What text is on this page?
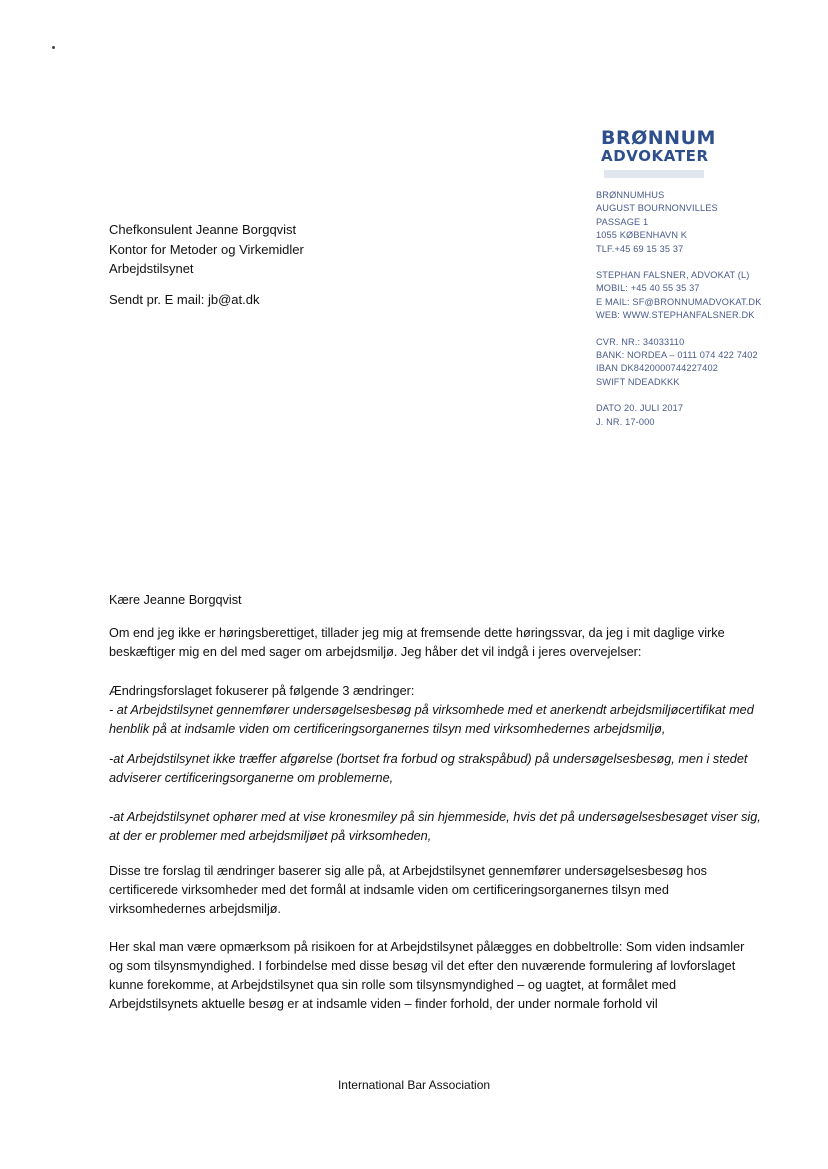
BRØNNUM
ADVOKATER
BRØNNUMHUS
AUGUST BOURNONVILLES
PASSAGE 1
1055 KØBENHAVN K
TLF.+45 69 15 35 37
STEPHAN FALSNER, ADVOKAT (L)
MOBIL: +45 40 55 35 37
E MAIL: SF@BRONNUMADVOKAT.DK
WEB: WWW.STEPHANFALSNER.DK
CVR. NR.: 34033110
BANK: NORDEA – 0111 074 422 7402
IBAN DK8420000744227402
SWIFT NDEADKKK
DATO 20. JULI 2017
J. NR. 17-000
Chefkonsulent Jeanne Borgqvist
Kontor for Metoder og Virkemidler
Arbejdstilsynet
Sendt pr. E mail: jb@at.dk
Kære Jeanne Borgqvist

Om end jeg ikke er høringsberettiget, tillader jeg mig at fremsende dette høringssvar, da jeg i mit daglige virke beskæftiger mig en del med sager om arbejdsmiljø. Jeg håber det vil indgå i jeres overvejelser:

Ændringsforslaget fokuserer på følgende 3 ændringer:

- at Arbejdstilsynet gennemfører undersøgelsesbesøg på virksomhede med et anerkendt arbejdsmiljøcertifikat med henblik på at indsamle viden om certificeringsorganernes tilsyn med virksomhedernes arbejdsmiljø,

-at Arbejdstilsynet ikke træffer afgørelse (bortset fra forbud og strakspåbud) på undersøgelsesbesøg, men i stedet adviserer certificeringsorganerne om problemerne,

-at Arbejdstilsynet ophører med at vise kronesmiley på sin hjemmeside, hvis det på undersøgelsesbesøget viser sig, at der er problemer med arbejdsmiljøet på virksomheden,

Disse tre forslag til ændringer baserer sig alle på, at Arbejdstilsynet gennemfører undersøgelsesbesøg hos certificerede virksomheder med det formål at indsamle viden om certificeringsorganernes tilsyn med virksomhedernes arbejdsmiljø.

Her skal man være opmærksom på risikoen for at Arbejdstilsynet pålægges en dobbeltrolle: Som viden indsamler og som tilsynsmyndighed. I forbindelse med disse besøg vil det efter den nuværende formulering af lovforslaget kunne forekomme, at Arbejdstilsynet qua sin rolle som tilsynsmyndighed – og uagtet, at formålet med Arbejdstilsynets aktuelle besøg er at indsamle viden – finder forhold, der under normale forhold vil

International Bar Association
